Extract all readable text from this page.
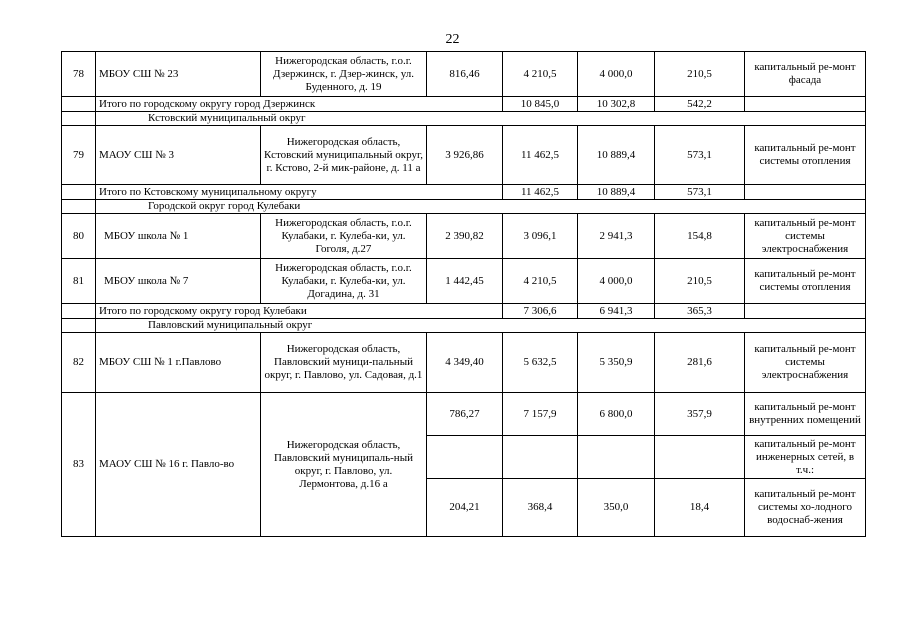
22
78	МБОУ СШ № 23	Нижегородская область, г.о.г. Дзержинск, г. Дзер-жинск, ул. Буденного, д. 19	816,46	4 210,5	4 000,0	210,5	капитальный ре-монт фасада
	Итого по городскому округу город Дзержинск			10 845,0	10 302,8	542,2	
	Кстовский муниципальный округ						
79	МАОУ СШ № 3	Нижегородская область, Кстовский муниципальный округ, г. Кстово, 2-й мик-районе, д. 11 а	3 926,86	11 462,5	10 889,4	573,1	капитальный ре-монт системы отопления
	Итого по Кстовскому муниципальному округу			11 462,5	10 889,4	573,1	
	Городской округ город Кулебаки						
80	МБОУ школа № 1	Нижегородская область, г.о.г. Кулабаки, г. Кулеба-ки, ул. Гоголя, д.27	2 390,82	3 096,1	2 941,3	154,8	капитальный ре-монт системы электроснабжения
81	МБОУ школа № 7	Нижегородская область, г.о.г. Кулабаки, г. Кулеба-ки, ул. Догадина, д. 31	1 442,45	4 210,5	4 000,0	210,5	капитальный ре-монт системы отопления
	Итого по городскому округу город Кулебаки			7 306,6	6 941,3	365,3	
	Павловский муниципальный округ						
82	МБОУ СШ № 1 г.Павлово	Нижегородская область, Павловский муници-пальный округ, г. Павлово, ул. Садовая, д.1	4 349,40	5 632,5	5 350,9	281,6	капитальный ре-монт системы электроснабжения
83	МАОУ СШ № 16 г. Павло-во	Нижегородская область, Павловский муниципаль-ный округ, г. Павлово, ул. Лермонтова, д.16 а	786,27	7 157,9	6 800,0	357,9	капитальный ре-монт внутренних помещений
							капитальный ре-монт инженерных сетей, в т.ч.:
			204,21	368,4	350,0	18,4	капитальный ре-монт системы хо-лодного водоснаб-жения
